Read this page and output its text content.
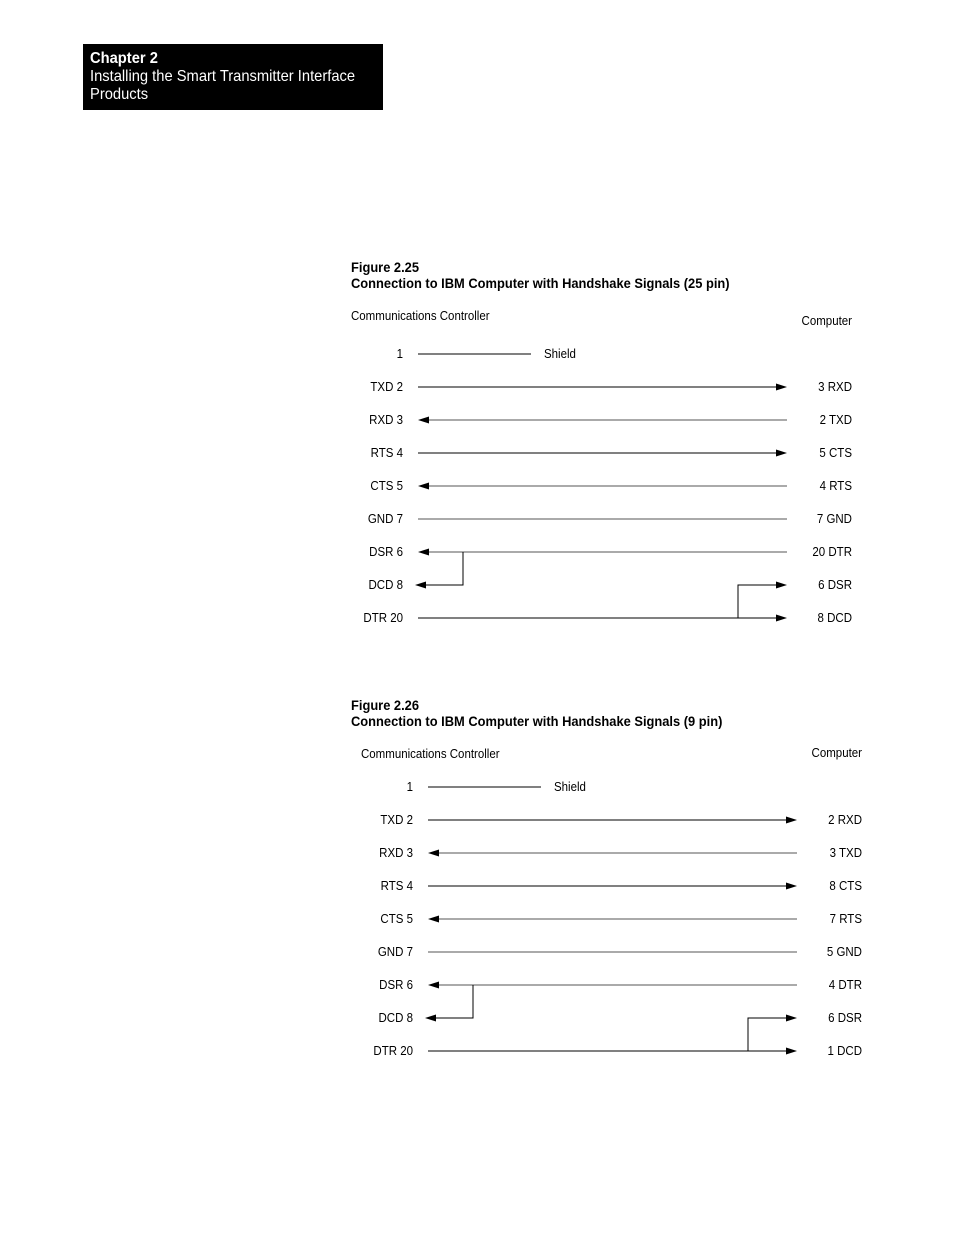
Chapter 2
Installing the Smart Transmitter Interface
Products
Figure 2.25
Connection to IBM Computer with Handshake Signals (25 pin)
Communications Controller	Computer
1	Shield
TXD 2	3 RXD
RXD 3	2 TXD
RTS 4	5 CTS
CTS 5	4 RTS
GND 7	7 GND
DSR 6	20 DTR
DCD 8	6 DSR
DTR 20	8 DCD
Figure 2.26
Connection to IBM Computer with Handshake Signals (9 pin)
Communications Controller	Computer
1	Shield
TXD 2	2 RXD
RXD 3	3 TXD
RTS 4	8 CTS
CTS 5	7 RTS
GND 7	5 GND
DSR 6	4 DTR
DCD 8	6 DSR
DTR 20	1 DCD
